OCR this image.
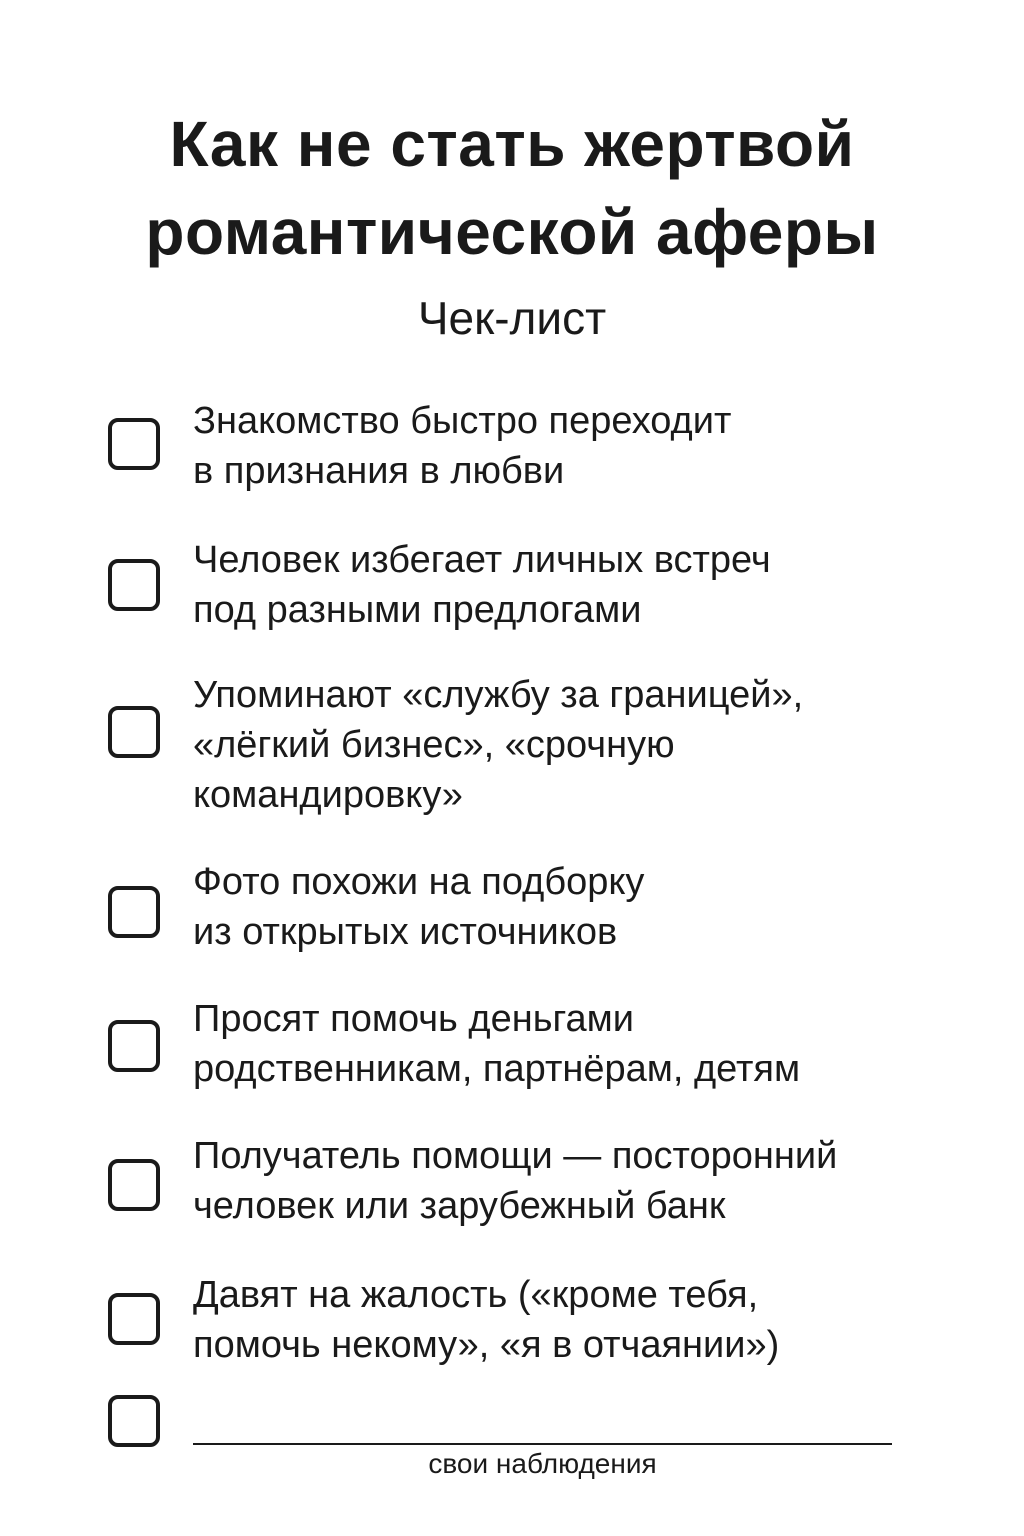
Как не стать жертвой
романтической аферы
Чек-лист

Знакомство быстро переходит
в признания в любви

Человек избегает личных встреч
под разными предлогами

Упоминают «службу за границей»,
«лёгкий бизнес», «срочную
командировку»

Фото похожи на подборку
из открытых источников

Просят помочь деньгами
родственникам, партнёрам, детям

Получатель помощи — посторонний
человек или зарубежный банк

Давят на жалость («кроме тебя,
помочь некому», «я в отчаянии»)

свои наблюдения
